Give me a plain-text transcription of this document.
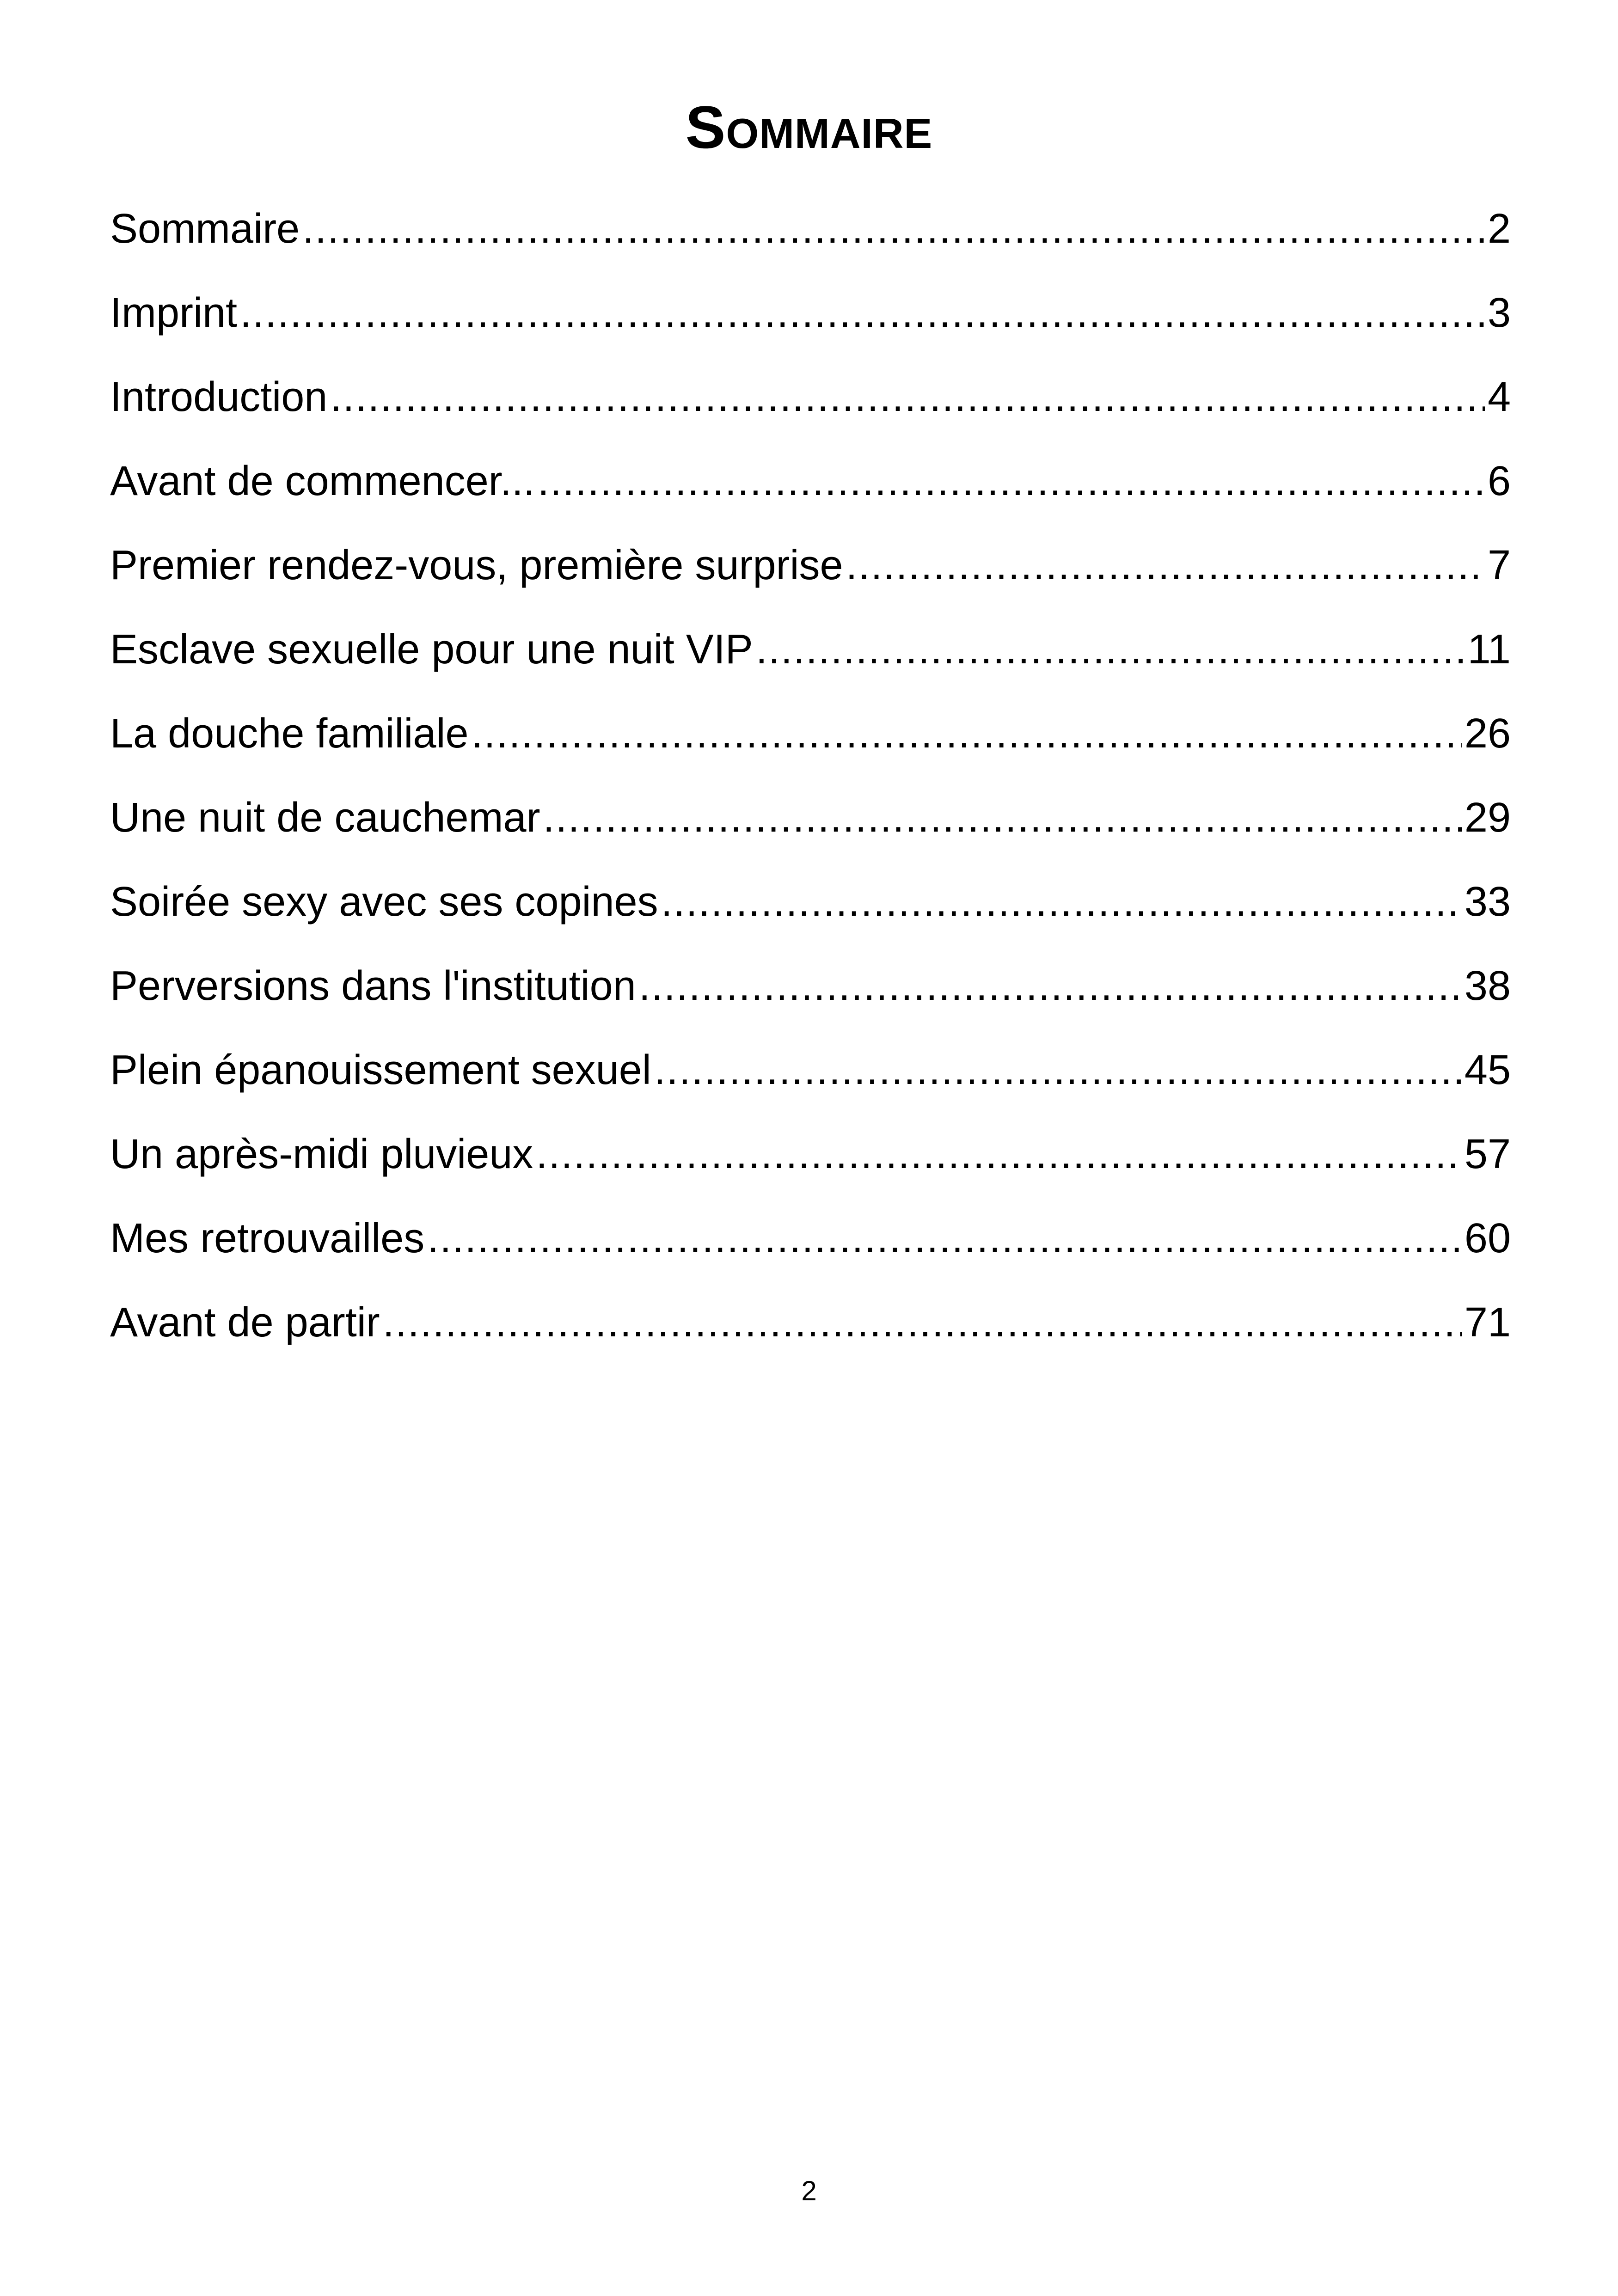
Sommaire
Sommaire .....	2
Imprint .....	3
Introduction .....	4
Avant de commencer... .....	6
Premier rendez-vous, première surprise .....	7
Esclave sexuelle pour une nuit VIP .....	11
La douche familiale .....	26
Une nuit de cauchemar .....	29
Soirée sexy avec ses copines .....	33
Perversions dans l'institution .....	38
Plein épanouissement sexuel .....	45
Un après-midi pluvieux .....	57
Mes retrouvailles .....	60
Avant de partir .....	71
2
